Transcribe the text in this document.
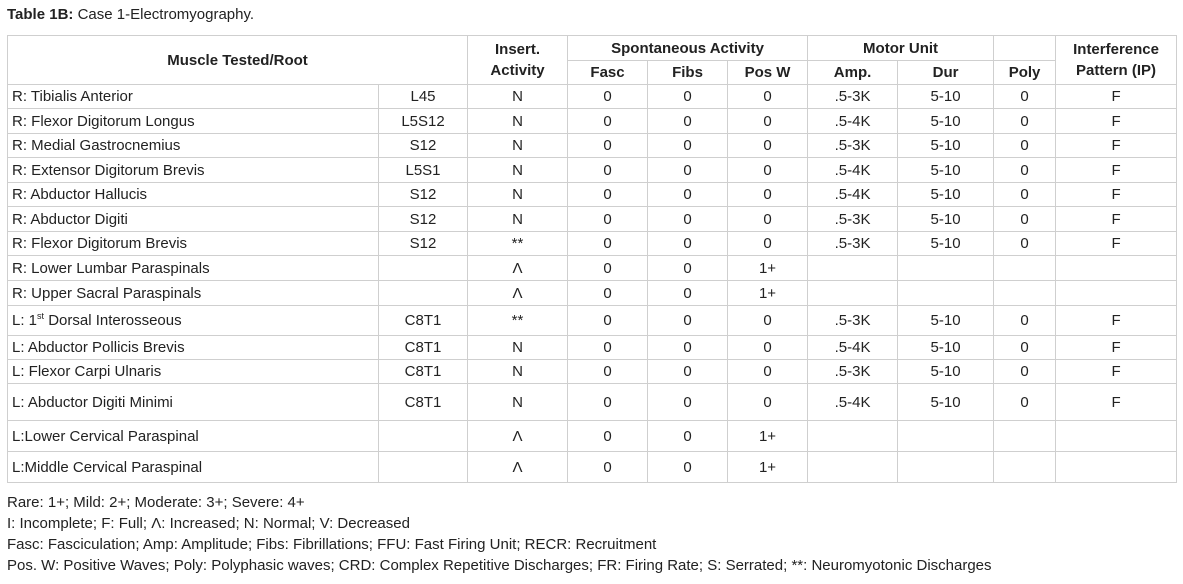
Table 1B: Case 1-Electromyography.
Muscle Tested/Root		Insert. Activity	Spontaneous Activity			Motor Unit			Interference Pattern (IP)
			Fasc	Fibs	Pos W	Amp.	Dur	Poly	
R: Tibialis Anterior	L45	N	0	0	0	.5-3K	5-10	0	F
R: Flexor Digitorum Longus	L5S12	N	0	0	0	.5-4K	5-10	0	F
R: Medial Gastrocnemius	S12	N	0	0	0	.5-3K	5-10	0	F
R: Extensor Digitorum Brevis	L5S1	N	0	0	0	.5-4K	5-10	0	F
R: Abductor Hallucis	S12	N	0	0	0	.5-4K	5-10	0	F
R: Abductor Digiti	S12	N	0	0	0	.5-3K	5-10	0	F
R: Flexor Digitorum Brevis	S12	**	0	0	0	.5-3K	5-10	0	F
R: Lower Lumbar Paraspinals		Λ	0	0	1+				
R: Upper Sacral Paraspinals		Λ	0	0	1+				
L: 1st Dorsal Interosseous	C8T1	**	0	0	0	.5-3K	5-10	0	F
L: Abductor Pollicis Brevis	C8T1	N	0	0	0	.5-4K	5-10	0	F
L: Flexor Carpi Ulnaris	C8T1	N	0	0	0	.5-3K	5-10	0	F
L: Abductor Digiti Minimi	C8T1	N	0	0	0	.5-4K	5-10	0	F
L:Lower Cervical Paraspinal		Λ	0	0	1+				
L:Middle Cervical Paraspinal		Λ	0	0	1+				
Rare: 1+; Mild: 2+; Moderate: 3+; Severe: 4+
I: Incomplete; F: Full; Λ: Increased; N: Normal; V: Decreased
Fasc: Fasciculation; Amp: Amplitude; Fibs: Fibrillations; FFU: Fast Firing Unit; RECR: Recruitment
Pos. W: Positive Waves; Poly: Polyphasic waves; CRD: Complex Repetitive Discharges; FR: Firing Rate; S: Serrated; **: Neuromyotonic Discharges
